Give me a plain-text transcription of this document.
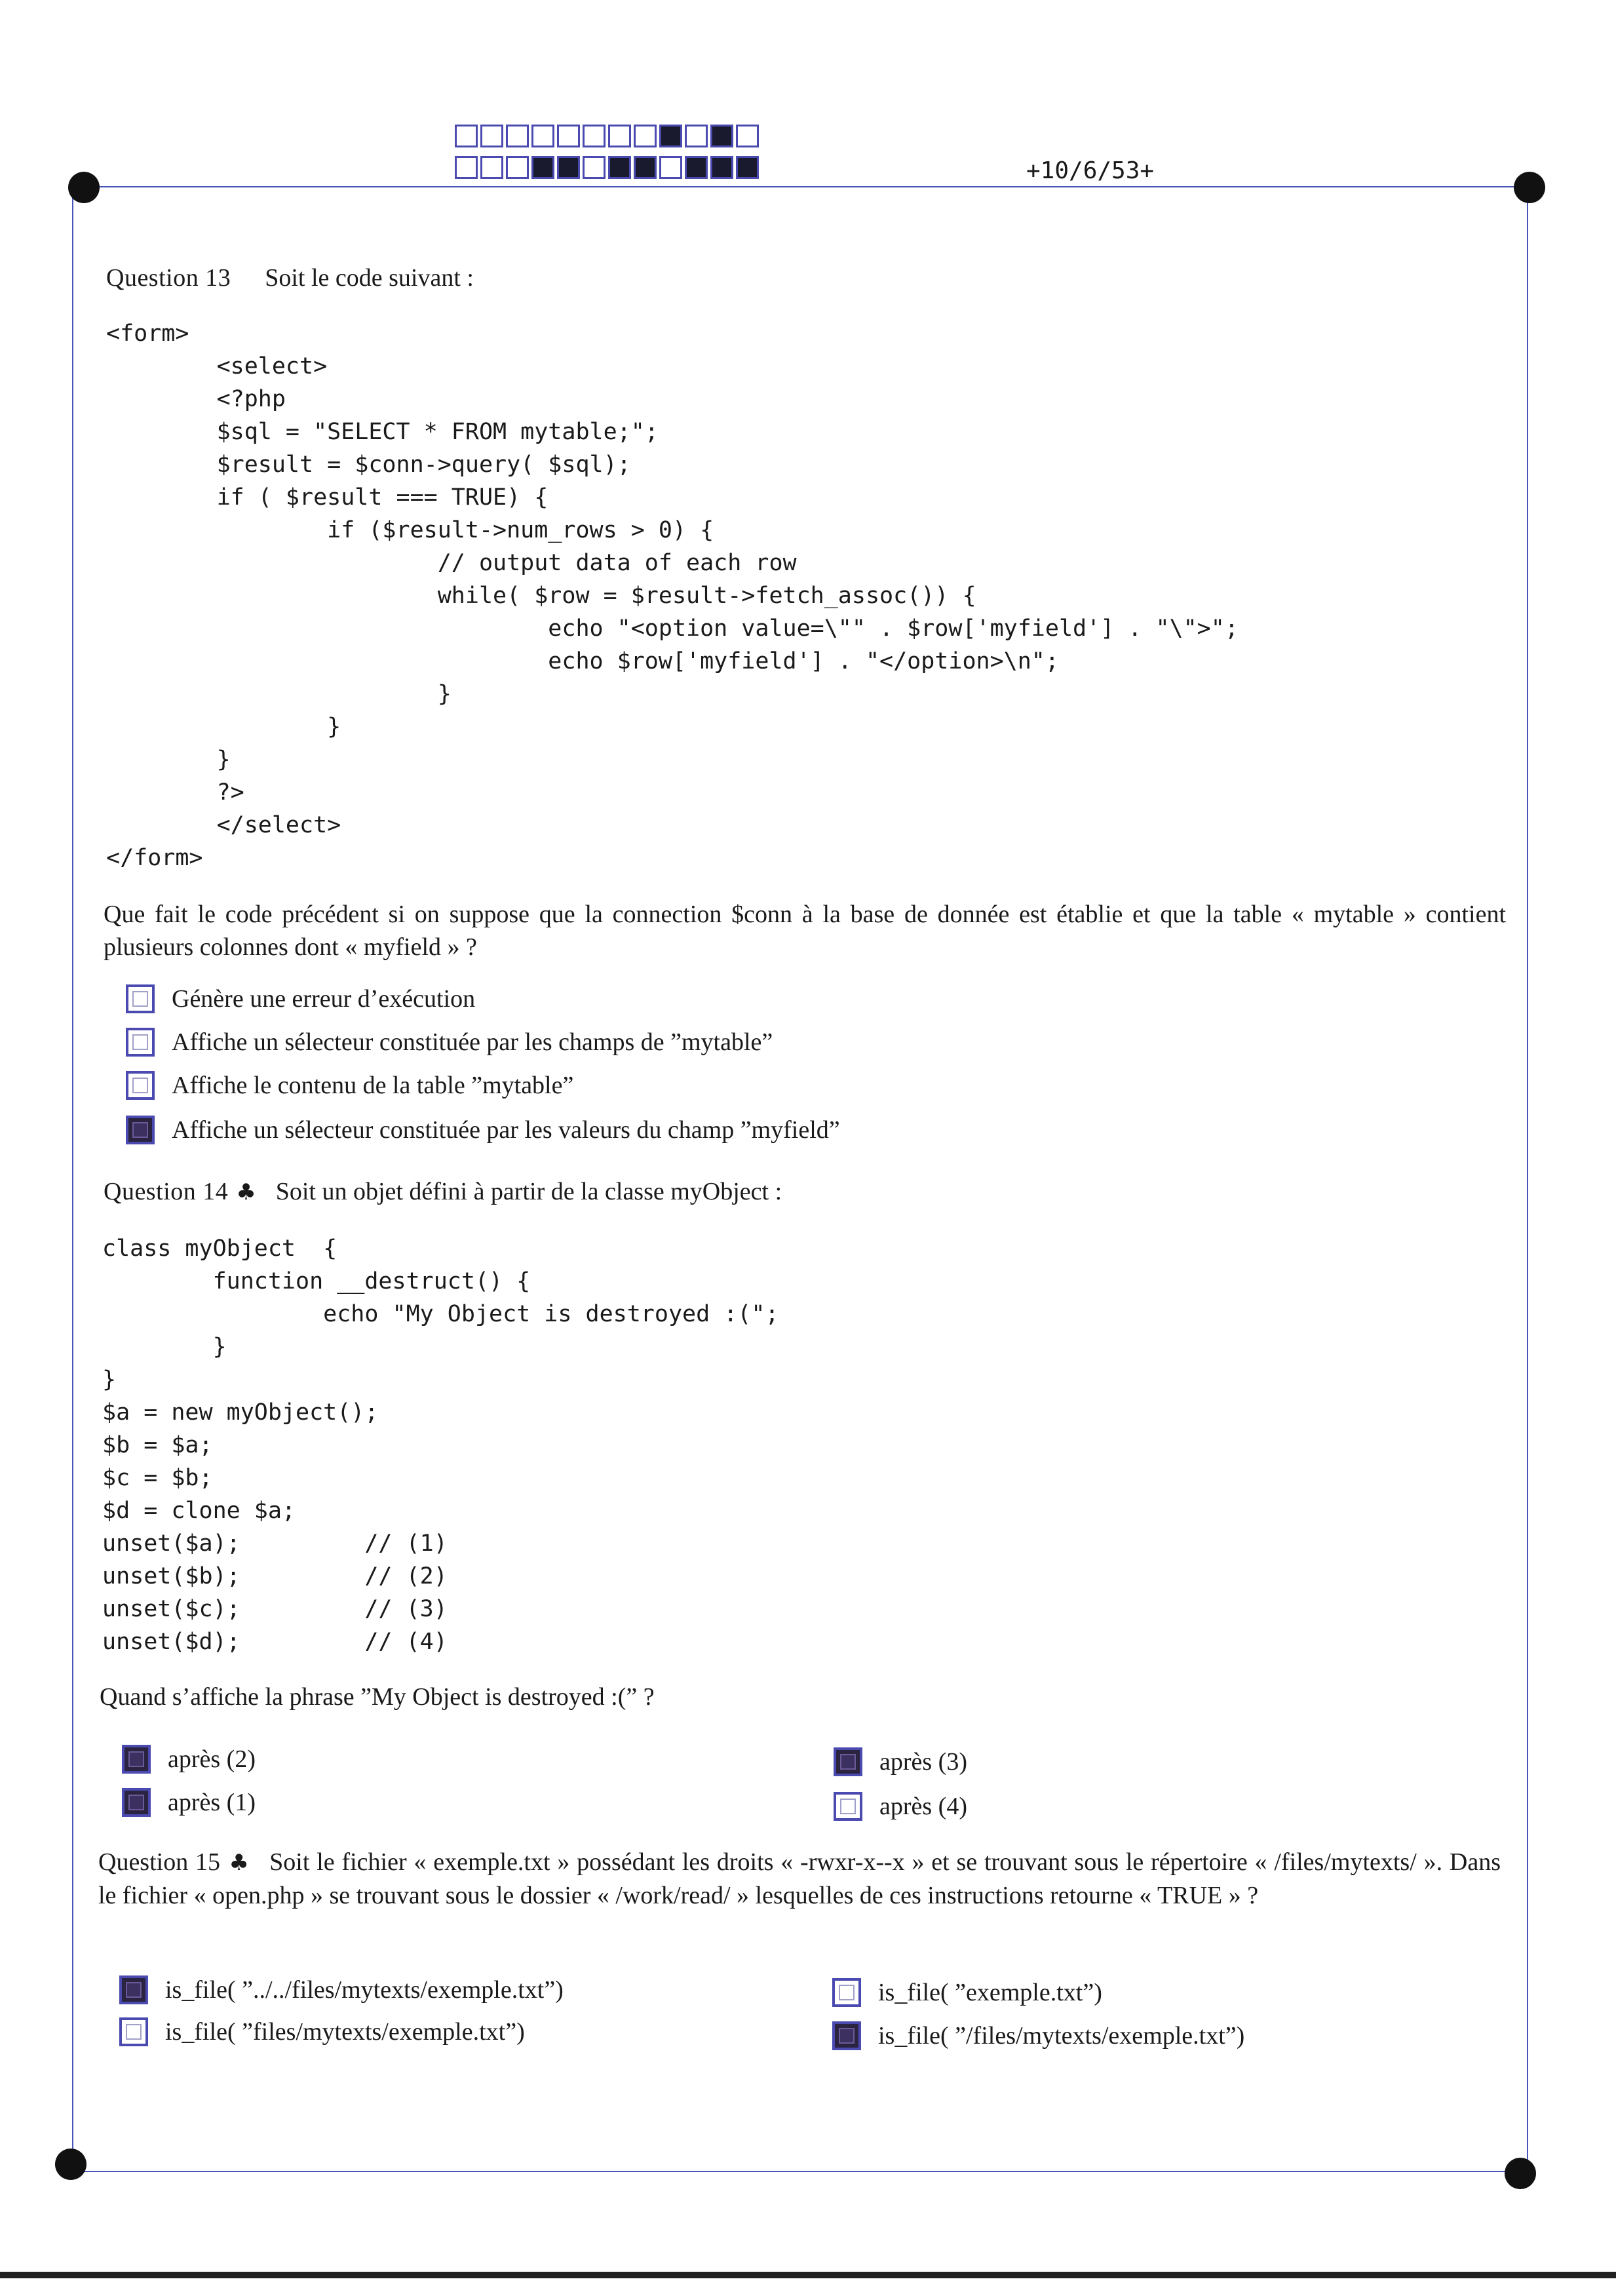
+10/6/53+
Question 13 Soit le code suivant :
<form>
<select>
<?php
$sql = "SELECT * FROM mytable;";
$result = $conn->query( $sql);
if ( $result === TRUE) {
if ($result->num_rows > 0) {
// output data of each row
while( $row = $result->fetch_assoc()) {
echo "<option value=\"" . $row['myfield'] . "\">";
echo $row['myfield'] . "</option>\n";
}
}
}
?>
</select>
</form>
Que fait le code précédent si on suppose que la connection $conn à la base de donnée est établie et que la table « mytable » contient plusieurs colonnes dont « myfield » ?
Génère une erreur d’exécution
Affiche un sélecteur constituée par les champs de ”mytable”
Affiche le contenu de la table ”mytable”
Affiche un sélecteur constituée par les valeurs du champ ”myfield”
Question 14 ♣ Soit un objet défini à partir de la classe myObject :
class myObject  {
function __destruct() {
echo "My Object is destroyed :(";
}
}
$a = new myObject();
$b = $a;
$c = $b;
$d = clone $a;
unset($a);         // (1)
unset($b);         // (2)
unset($c);         // (3)
unset($d);         // (4)
Quand s’affiche la phrase ”My Object is destroyed :(” ?
après (2)
après (1)
après (3)
après (4)
Question 15 ♣ Soit le fichier « exemple.txt » possédant les droits « -rwxr-x--x » et se trouvant sous le répertoire « /files/mytexts/ ». Dans le fichier « open.php » se trouvant sous le dossier « /work/read/ » lesquelles de ces instructions retourne « TRUE » ?
is_file( ”../../files/mytexts/exemple.txt”)
is_file( ”files/mytexts/exemple.txt”)
is_file( ”exemple.txt”)
is_file( ”/files/mytexts/exemple.txt”)
